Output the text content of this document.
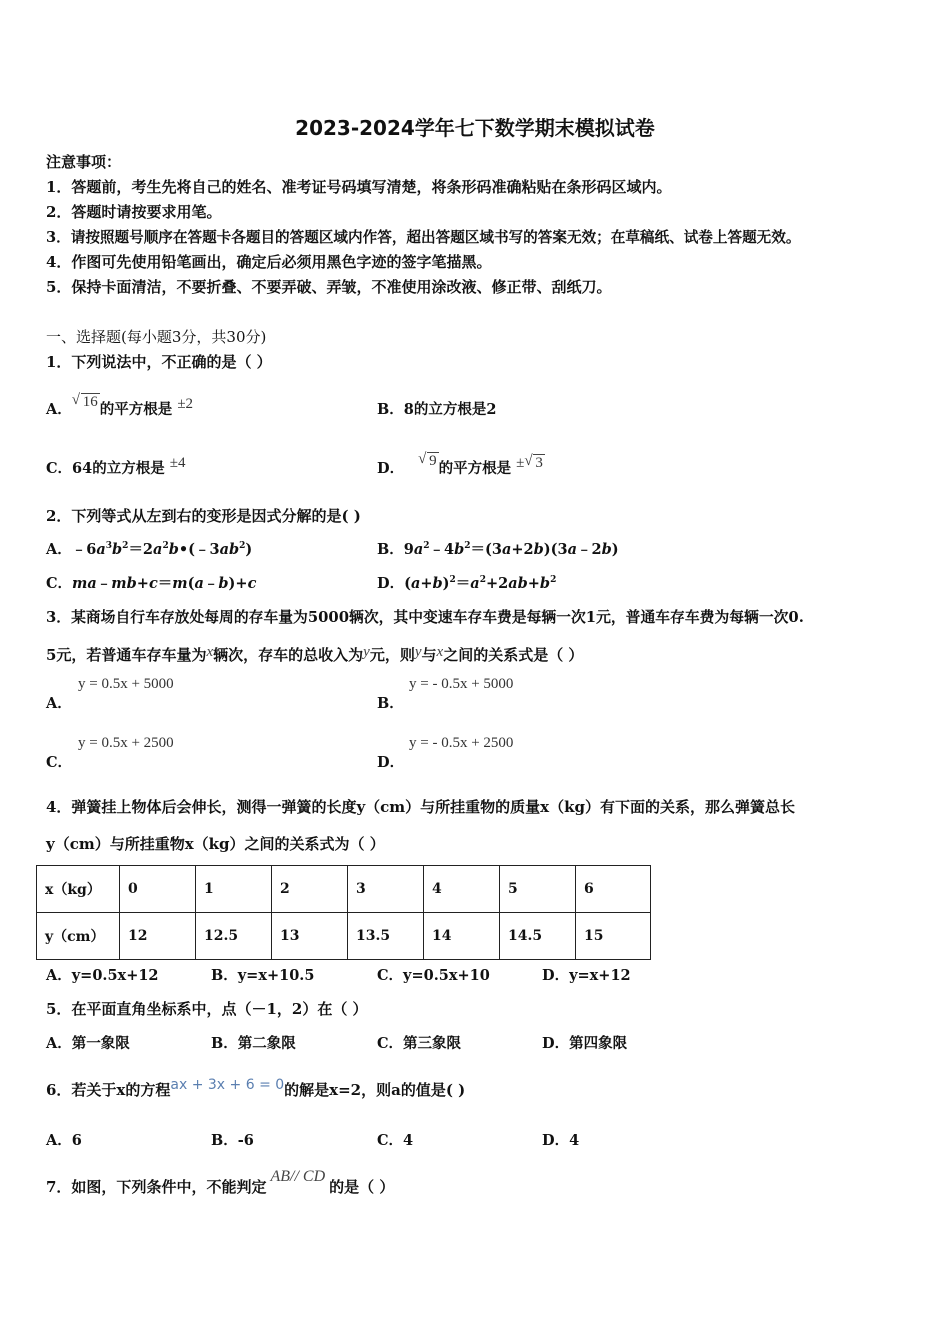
2023-2024学年七下数学期末模拟试卷
注意事项：
1．答题前，考生先将自己的姓名、准考证号码填写清楚，将条形码准确粘贴在条形码区域内。
2．答题时请按要求用笔。
3．请按照题号顺序在答题卡各题目的答题区域内作答，超出答题区域书写的答案无效；在草稿纸、试卷上答题无效。
4．作图可先使用铅笔画出，确定后必须用黑色字迹的签字笔描黑。
5．保持卡面清洁，不要折叠、不要弄破、弄皱，不准使用涂改液、修正带、刮纸刀。
一、选择题(每小题3分，共30分)
1．下列说法中，不正确的是（ ）
A．
√ 16 的平方根是 ±2	B．8的立方根是2
C．64的立方根是 ±4	D．
√ 9 的平方根是 ± √ 3
2．下列等式从左到右的变形是因式分解的是( )
A．$﹣6a^3b^2=2a^2b•(﹣3ab^2)$	B．$9a^2﹣4b^2=(3a+2b)(3a﹣2b)$
C．ma﹣mb+c＝m(a﹣b)+c	D．$(a+b)^2=a^2+2ab+b^2$
3．某商场自行车存放处每周的存车量为5000辆次，其中变速车存车费是每辆一次1元，普通车存车费为每辆一次0.
5元，若普通车存车量为x辆次，存车的总收入为y元，则y与x之间的关系式是（ ）
A．
y = 0.5x + 5000
B．
y = - 0.5x + 5000
C．
y = 0.5x + 2500
D．
y = - 0.5x + 2500
4．弹簧挂上物体后会伸长，测得一弹簧的长度y（cm）与所挂重物的质量x（kg）有下面的关系，那么弹簧总长
y（cm）与所挂重物x（kg）之间的关系式为（ ）
x（kg）	0	1	2	3	4	5	6
y（cm）	12	12.5	13	13.5	14	14.5	15
A．y=0.5x+12	B．y=x+10.5	C．y=0.5x+10	D．y=x+12
5．在平面直角坐标系中，点（－1，2）在（ ）
A．第一象限	B．第二象限	C．第三象限	D．第四象限
6．若关于x的方程ax + 3x + 6 = 0的解是x=2，则a的值是( )
A．6	B．-6	C．4	D．4
7．如图，下列条件中，不能判定AB// CD的是（ ）
